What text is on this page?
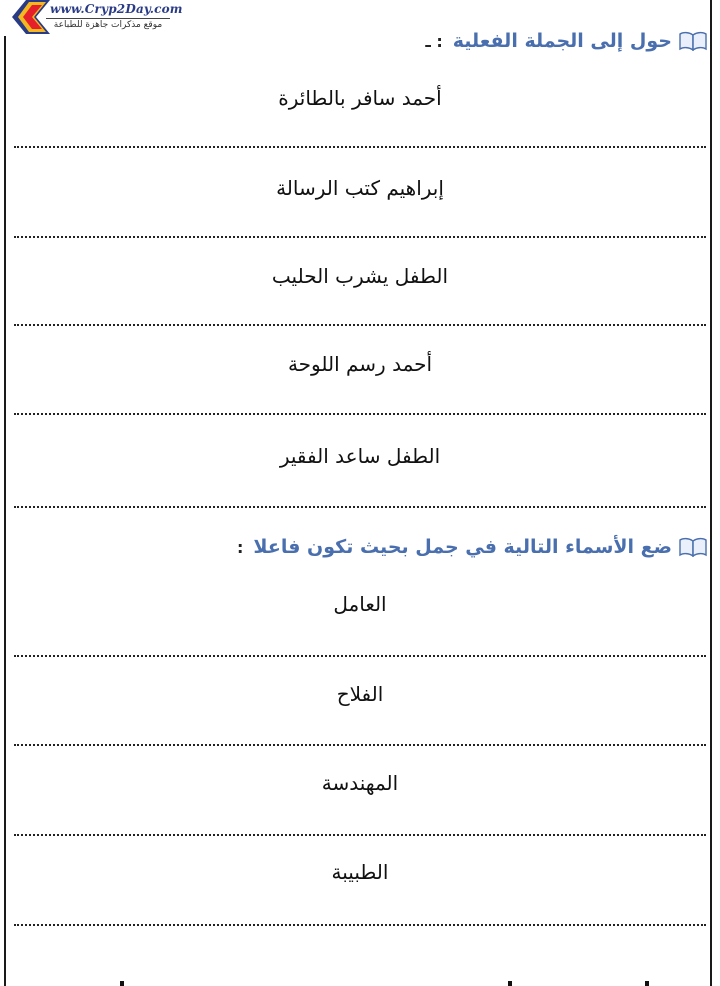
www.Cryp2Day.com
موقع مذكرات جاهزة للطباعة
حول إلى الجملة الفعلية
: ـ
أحمد سافر بالطائرة
إبراهيم كتب الرسالة
الطفل يشرب الحليب
أحمد رسم اللوحة
الطفل ساعد الفقير
ضع الأسماء التالية في جمل بحيث تكون فاعلا
:
العامل
الفلاح
المهندسة
الطبيبة
